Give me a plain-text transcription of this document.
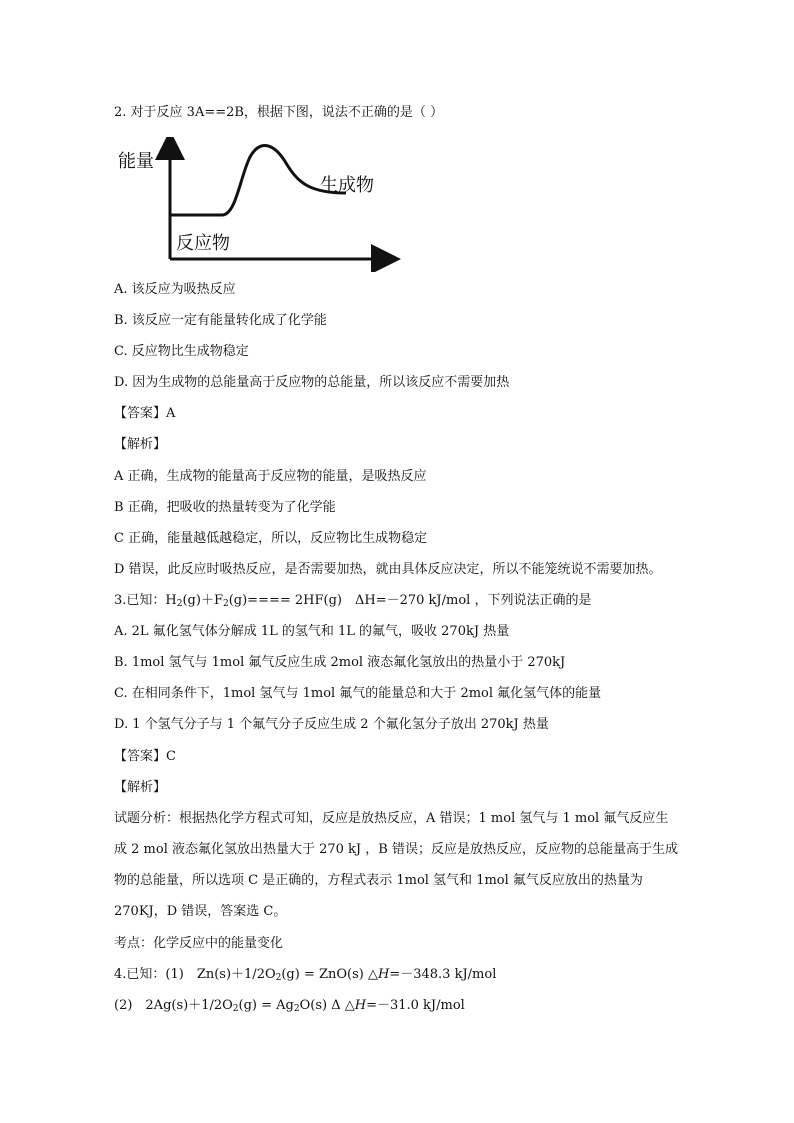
2. 对于反应 3A==2B，根据下图，说法不正确的是（ ）
能量
生成物
反应物
A. 该反应为吸热反应
B. 该反应一定有能量转化成了化学能
C. 反应物比生成物稳定
D. 因为生成物的总能量高于反应物的总能量，所以该反应不需要加热
【答案】A
【解析】
A 正确，生成物的能量高于反应物的能量，是吸热反应
B 正确，把吸收的热量转变为了化学能
C 正确，能量越低越稳定，所以，反应物比生成物稳定
D 错误，此反应时吸热反应，是否需要加热，就由具体反应决定，所以不能笼统说不需要加热。
3.已知：$H_2(g)+F_2(g)==== 2HF(g)$　ΔH=－270 kJ/mol ，下列说法正确的是
A. 2L 氟化氢气体分解成 1L 的氢气和 1L 的氟气，吸收 270kJ 热量
B. 1mol 氢气与 1mol 氟气反应生成 2mol 液态氟化氢放出的热量小于 270kJ
C. 在相同条件下，1mol 氢气与 1mol 氟气的能量总和大于 2mol 氟化氢气体的能量
D. 1 个氢气分子与 1 个氟气分子反应生成 2 个氟化氢分子放出 270kJ 热量
【答案】C
【解析】
试题分析：根据热化学方程式可知，反应是放热反应，A 错误；1 mol 氢气与 1 mol 氟气反应生成 2 mol 液态氟化氢放出热量大于 270 kJ ，B 错误；反应是放热反应，反应物的总能量高于生成物的总能量，所以选项 C 是正确的，方程式表示 1mol 氢气和 1mol 氟气反应放出的热量为 270KJ，D 错误，答案选 C。
考点：化学反应中的能量变化
4.已知：(1)　$Zn(s)+1/2O_2(g) = ZnO(s)$ △H=－348.3 kJ/mol
(2)　$2Ag(s)+1/2O_2(g) = Ag_2O(s)$ Δ △H=－31.0 kJ/mol
